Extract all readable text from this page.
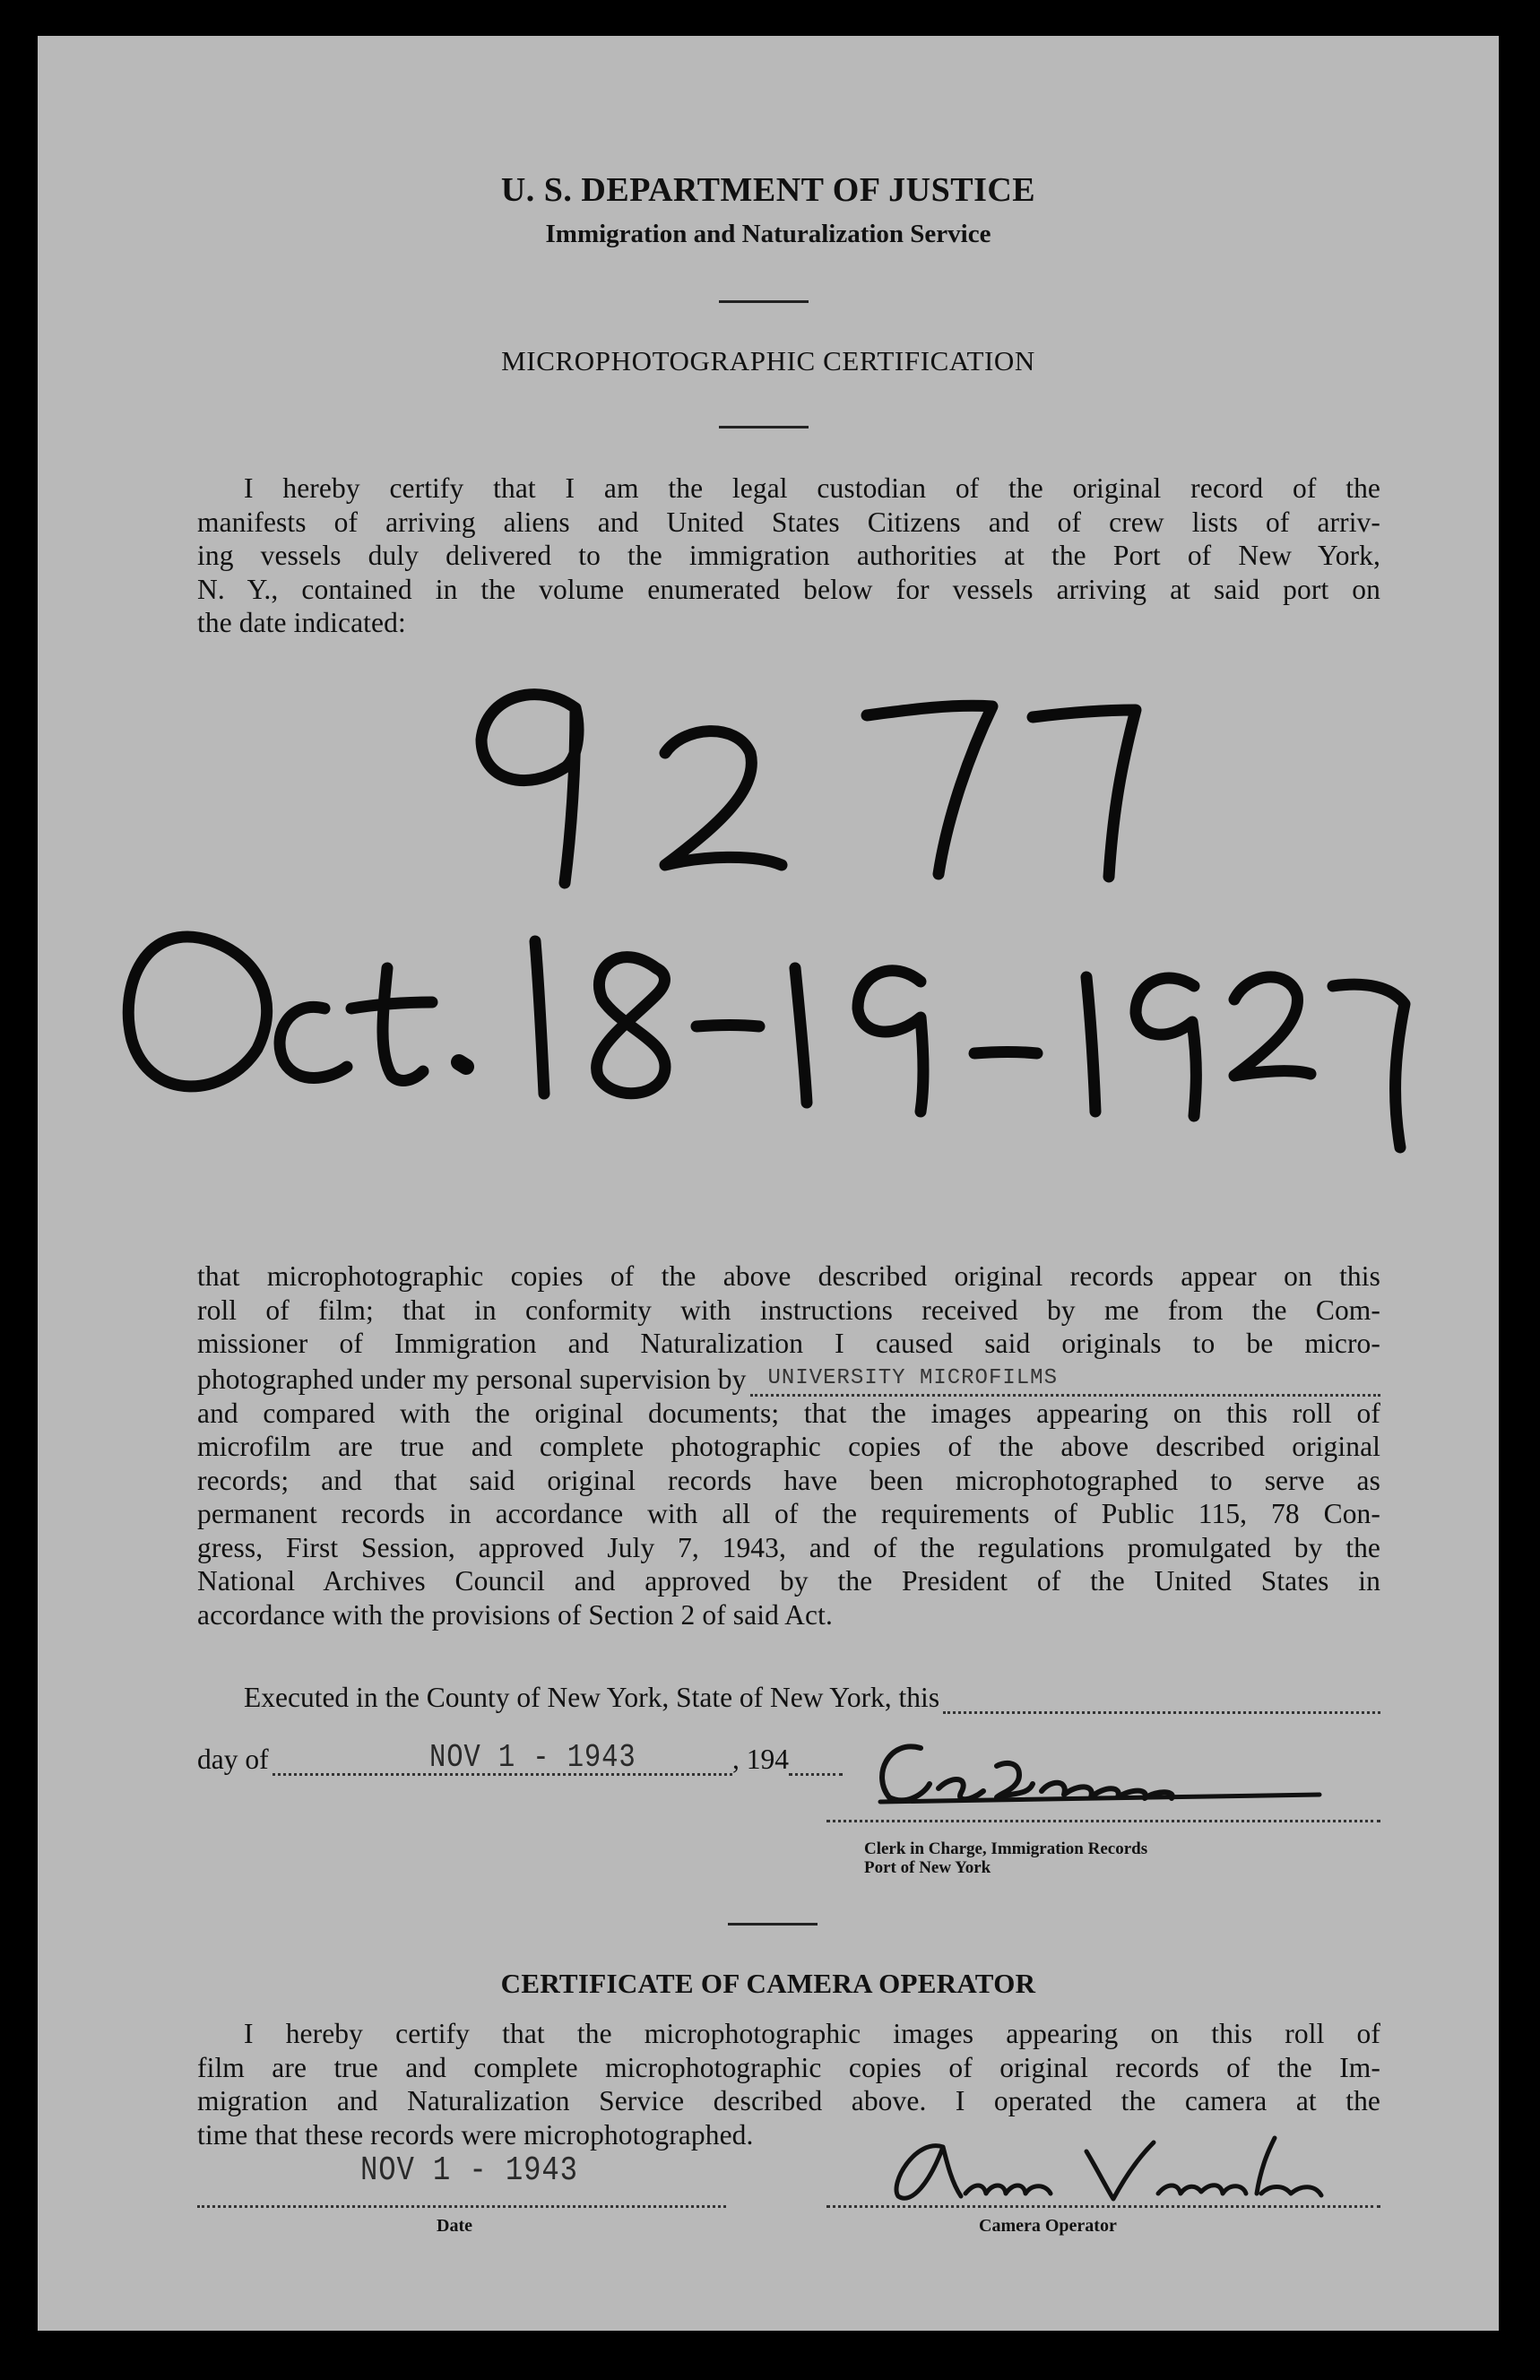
U. S. DEPARTMENT OF JUSTICE
Immigration and Naturalization Service
MICROPHOTOGRAPHIC CERTIFICATION
I hereby certify that I am the legal custodian of the original record of the
manifests of arriving aliens and United States Citizens and of crew lists of arriv-
ing vessels duly delivered to the immigration authorities at the Port of New York,
N. Y., contained in the volume enumerated below for vessels arriving at said port on
the date indicated:
that microphotographic copies of the above described original records appear on this
roll of film; that in conformity with instructions received by me from the Com-
missioner of Immigration and Naturalization I caused said originals to be micro-
photographed under my personal supervision by UNIVERSITY MICROFILMS
and compared with the original documents; that the images appearing on this roll of
microfilm are true and complete photographic copies of the above described original
records; and that said original records have been microphotographed to serve as
permanent records in accordance with all of the requirements of Public 115, 78 Con-
gress, First Session, approved July 7, 1943, and of the regulations promulgated by the
National Archives Council and approved by the President of the United States in
accordance with the provisions of Section 2 of said Act.
Executed in the County of New York, State of New York, this
day of	NOV 1 - 1943	, 194
Clerk in Charge, Immigration Records
Port of New York
CERTIFICATE OF CAMERA OPERATOR
I hereby certify that the microphotographic images appearing on this roll of
film are true and complete microphotographic copies of original records of the Im-
migration and Naturalization Service described above. I operated the camera at the
time that these records were microphotographed.
NOV 1 - 1943
Date	Camera Operator
